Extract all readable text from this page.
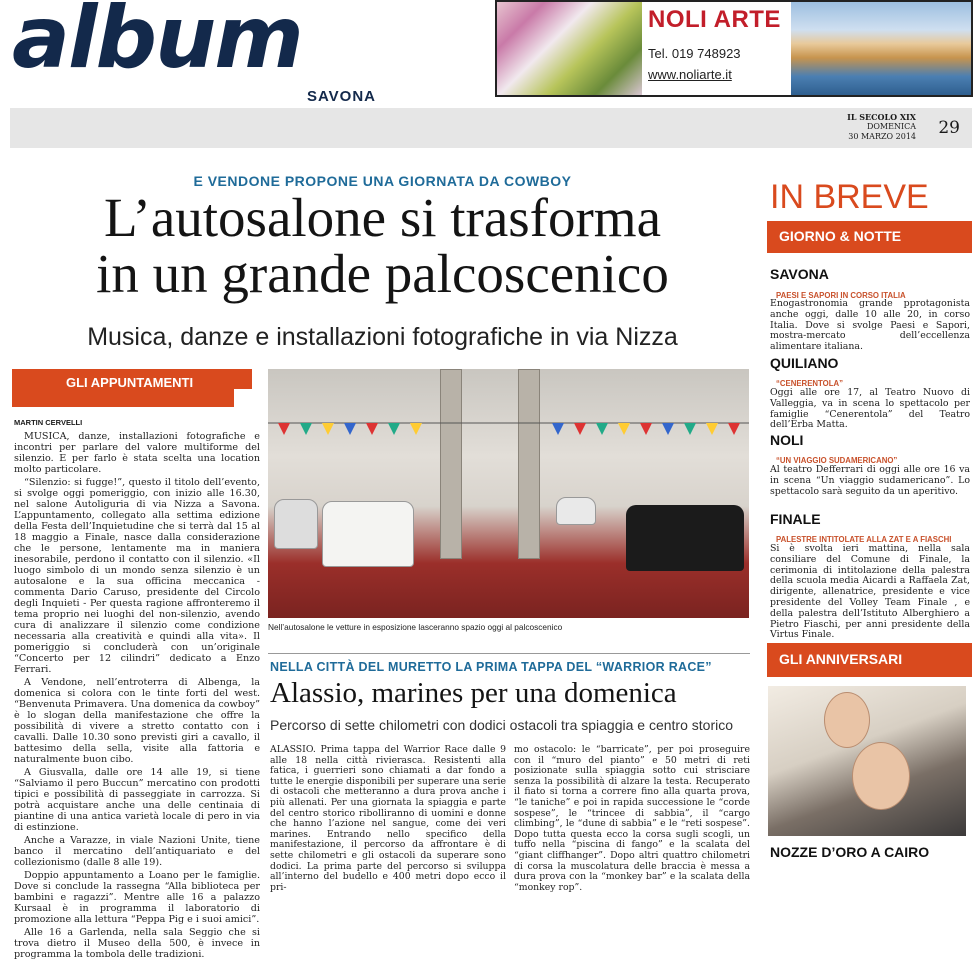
album
SAVONA
NOLI ARTE
Tel. 019 748923
www.noliarte.it
IL SECOLO XIX
DOMENICA
30 MARZO 2014 29
E VENDONE PROPONE UNA GIORNATA DA COWBOY
L’autosalone si trasforma
in un grande palcoscenico
Musica, danze e installazioni fotografiche in via Nizza
GLI APPUNTAMENTI
MARTIN CERVELLI

MUSICA, danze, installazioni fotografiche e incontri per parlare del valore multiforme del silenzio. E per farlo è stata scelta una location molto particolare.

“Silenzio: si fugge!”, questo il titolo dell’evento, si svolge oggi pomeriggio, con inizio alle 16.30, nel salone Autoliguria di via Nizza a Savona. L’appuntamento, collegato alla settima edizione della Festa dell’Inquietudine che si terrà dal 15 al 18 maggio a Finale, nasce dalla considerazione che le persone, lentamente ma in maniera inesorabile, perdono il contatto con il silenzio. «Il luogo simbolo di un mondo senza silenzio è un autosalone e la sua officina meccanica - commenta Dario Caruso, presidente del Circolo degli Inquieti - Per questa ragione affronteremo il tema proprio nei luoghi del non-silenzio, avendo cura di analizzare il silenzio come condizione necessaria alla creatività e quindi alla vita». Il pomeriggio si concluderà con un’originale “Concerto per 12 cilindri” dedicato a Enzo Ferrari.

A Vendone, nell’entroterra di Albenga, la domenica si colora con le tinte forti del west. “Benvenuta Primavera. Una domenica da cowboy” è lo slogan della manifestazione che offre la possibilità di vivere a stretto contatto con i cavalli. Dalle 10.30 sono previsti giri a cavallo, il battesimo della sella, visite alla fattoria e naturalmente buon cibo.

A Giusvalla, dalle ore 14 alle 19, si tiene “Salviamo il pero Buccun” mercatino con prodotti tipici e possibilità di passeggiate in carrozza. Si potrà acquistare anche una delle centinaia di piantine di una antica varietà locale di pero in via di estinzione.

Anche a Varazze, in viale Nazioni Unite, tiene banco il mercatino dell’antiquariato e del collezionismo (dalle 8 alle 19).

Doppio appuntamento a Loano per le famiglie. Dove si conclude la rassegna “Alla biblioteca per bambini e ragazzi”. Mentre alle 16 a palazzo Kursaal è in programma il laboratorio di promozione alla lettura “Peppa Pig e i suoi amici”.

Alle 16 a Garlenda, nella sala Seggio che si trova dietro il Museo della 500, è invece in programma la tombola delle tradizioni.

Nell’autosalone le vetture in esposizione lasceranno spazio oggi al palcoscenico
NELLA CITTÀ DEL MURETTO LA PRIMA TAPPA DEL “WARRIOR RACE”
Alassio, marines per una domenica
Percorso di sette chilometri con dodici ostacoli tra spiaggia e centro storico
ALASSIO. Prima tappa del Warrior Race dalle 9 alle 18 nella città rivierasca. Resistenti alla fatica, i guerrieri sono chiamati a dar fondo a tutte le energie disponibili per superare una serie di ostacoli che metteranno a dura prova anche i più allenati. Per una giornata la spiaggia e parte del centro storico ribolliranno di uomini e donne che hanno l’azione nel sangue, come dei veri marines. Entrando nello specifico della manifestazione, il percorso da affrontare è di sette chilometri e gli ostacoli da superare sono dodici. La prima parte del percorso si sviluppa all’interno del budello e 400 metri dopo ecco il pri-
mo ostacolo: le “barricate”, per poi proseguire con il “muro del pianto” e 50 metri di reti posizionate sulla spiaggia sotto cui strisciare senza la possibilità di alzare la testa. Recuperato il fiato si torna a correre fino alla quarta prova, “le taniche” e poi in rapida successione le “corde sospese”, le “trincee di sabbia”, il “cargo climbing”, le “dune di sabbia” e le “reti sospese”. Dopo tutta questa ecco la corsa sugli scogli, un tuffo nella “piscina di fango” e la scalata del “giant cliffhanger”. Dopo altri quattro chilometri di corsa la muscolatura delle braccia è messa a dura prova con la “monkey bar” e la scalata della “monkey rop”.
IN BREVE
GIORNO & NOTTE
SAVONA
PAESI E SAPORI IN CORSO ITALIA
Enogastronomia grande pprotagonista anche oggi, dalle 10 alle 20, in corso Italia. Dove si svolge Paesi e Sapori, mostra-mercato dell’eccellenza alimentare italiana.
QUILIANO
“CENERENTOLA”
Oggi alle ore 17, al Teatro Nuovo di Valleggia, va in scena lo spettacolo per famiglie “Cenerentola” del Teatro dell’Erba Matta.
NOLI
“UN VIAGGIO SUDAMERICANO”
Al teatro Defferrari di oggi alle ore 16 va in scena “Un viaggio sudamericano”. Lo spettacolo sarà seguito da un aperitivo.
FINALE
PALESTRE INTITOLATE ALLA ZAT E A FIASCHI
Si è svolta ieri mattina, nella sala consiliare del Comune di Finale, la cerimonia di intitolazione della palestra della scuola media Aicardi a Raffaela Zat, dirigente, allenatrice, presidente e vice presidente del Volley Team Finale , e della palestra dell’Istituto Alberghiero a Pietro Fiaschi, per anni presidente della Virtus Finale.
GLI ANNIVERSARI
NOZZE D’ORO A CAIRO
